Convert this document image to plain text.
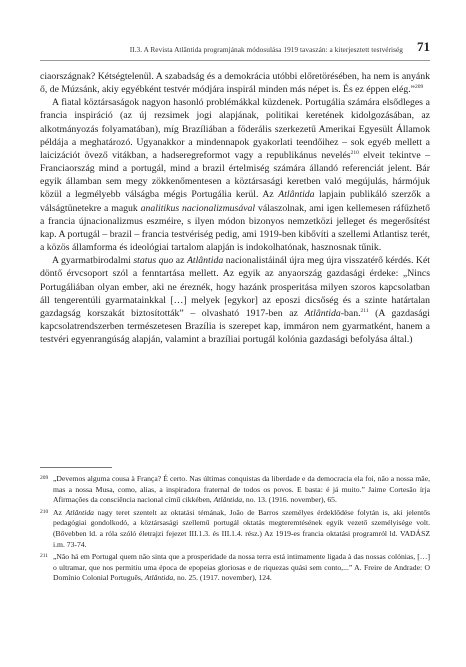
II.3. A Revista Atlântida programjának módosulása 1919 tavaszán: a kiterjesztett testvériség 71

ciaországnak? Kétségtelenül. A szabadság és a demokrácia utóbbi előretörésében, ha nem is anyánk ő, de Múzsánk, akiy egyébként testvér módjára inspirál minden más népet is. És ez éppen elég.”$^{209}$

A fiatal köztársaságok nagyon hasonló problémákkal küzdenek. Portugália számára elsődleges a francia inspiráció (az új rezsimek jogi alapjának, politikai keretének kidolgozásában, az alkotmányozás folyamatában), míg Brazíliában a föderális szerkezetű Amerikai Egyesült Államok példája a meghatározó. Ugyanakkor a mindennapok gyakorlati teendőihez – sok egyéb mellett a laicizációt övező vitákban, a hadseregreformot vagy a republikánus nevelés$^{210}$ elveit tekintve – Franciaország mind a portugál, mind a brazil értelmiség számára állandó referenciát jelent. Bár egyik államban sem megy zökkenőmentesen a köztársasági keretben való megújulás, hármójuk közül a legmélyebb válságba mégis Portugália kerül. Az Atlântida lapjain publikáló szerzők a válságtünetekre a maguk analitikus nacionalizmusával válaszolnak, ami igen kellemesen ráfűzhető a francia újnacionalizmus eszméire, s ilyen módon bizonyos nemzetközi jelleget és megerősítést kap. A portugál – brazil – francia testvériség pedig, ami 1919-ben kibővíti a szellemi Atlantisz terét, a közös államforma és ideológiai tartalom alapján is indokolhatónak, hasznosnak tűnik.

A gyarmatbirodalmi status quo az Atlântida nacionalistáinál újra meg újra visszatérő kérdés. Két döntő érvcsoport szól a fenntartása mellett. Az egyik az anyaország gazdasági érdeke: „Nincs Portugáliában olyan ember, aki ne éreznék, hogy hazánk prosperitása milyen szoros kapcsolatban áll tengerentúli gyarmatainkkal […] melyek [egykor] az eposzi dicsőség és a szinte határtalan gazdagság korszakát biztosították” – olvasható 1917-ben az Atlântida-ban.$^{211}$ (A gazdasági kapcsolatrendszerben természetesen Brazília is szerepet kap, immáron nem gyarmatként, hanem a testvéri egyenrangúság alapján, valamint a brazíliai portugál kolónia gazdasági befolyása által.)

209 „Devemos alguma cousa à França? É certo. Nas últimas conquistas da liberdade e da democracia ela foi, não a nossa mãe, mas a nossa Musa, como, alias, a inspiradora fraternal de todos os povos. E basta: é já muito.” Jaime Cortesão írja Afirmações da consciência nacional című cikkében, Atlântida, no. 13. (1916. november), 65.
210 Az Atlântida nagy teret szentelt az oktatási témának, João de Barros személyes érdeklődése folytán is, aki jelentős pedagógiai gondolkodó, a köztársasági szellemű portugál oktatás megteremtésének egyik vezető személyisége volt. (Bővebben ld. a róla szóló életrajzi fejezet III.1.3. és III.1.4. rész.) Az 1919-es francia oktatási programról ld. VADÁSZ i.m. 73-74.
211 „Não há em Portugal quem não sinta que a prosperidade da nossa terra está intimamente ligada à das nossas colónias, […] o ultramar, que nos permitiu uma época de epopeias gloriosas e de riquezas quási sem conto,...” A. Freire de Andrade: O Domínio Colonial Português, Atlântida, no. 25. (1917. november), 124.
